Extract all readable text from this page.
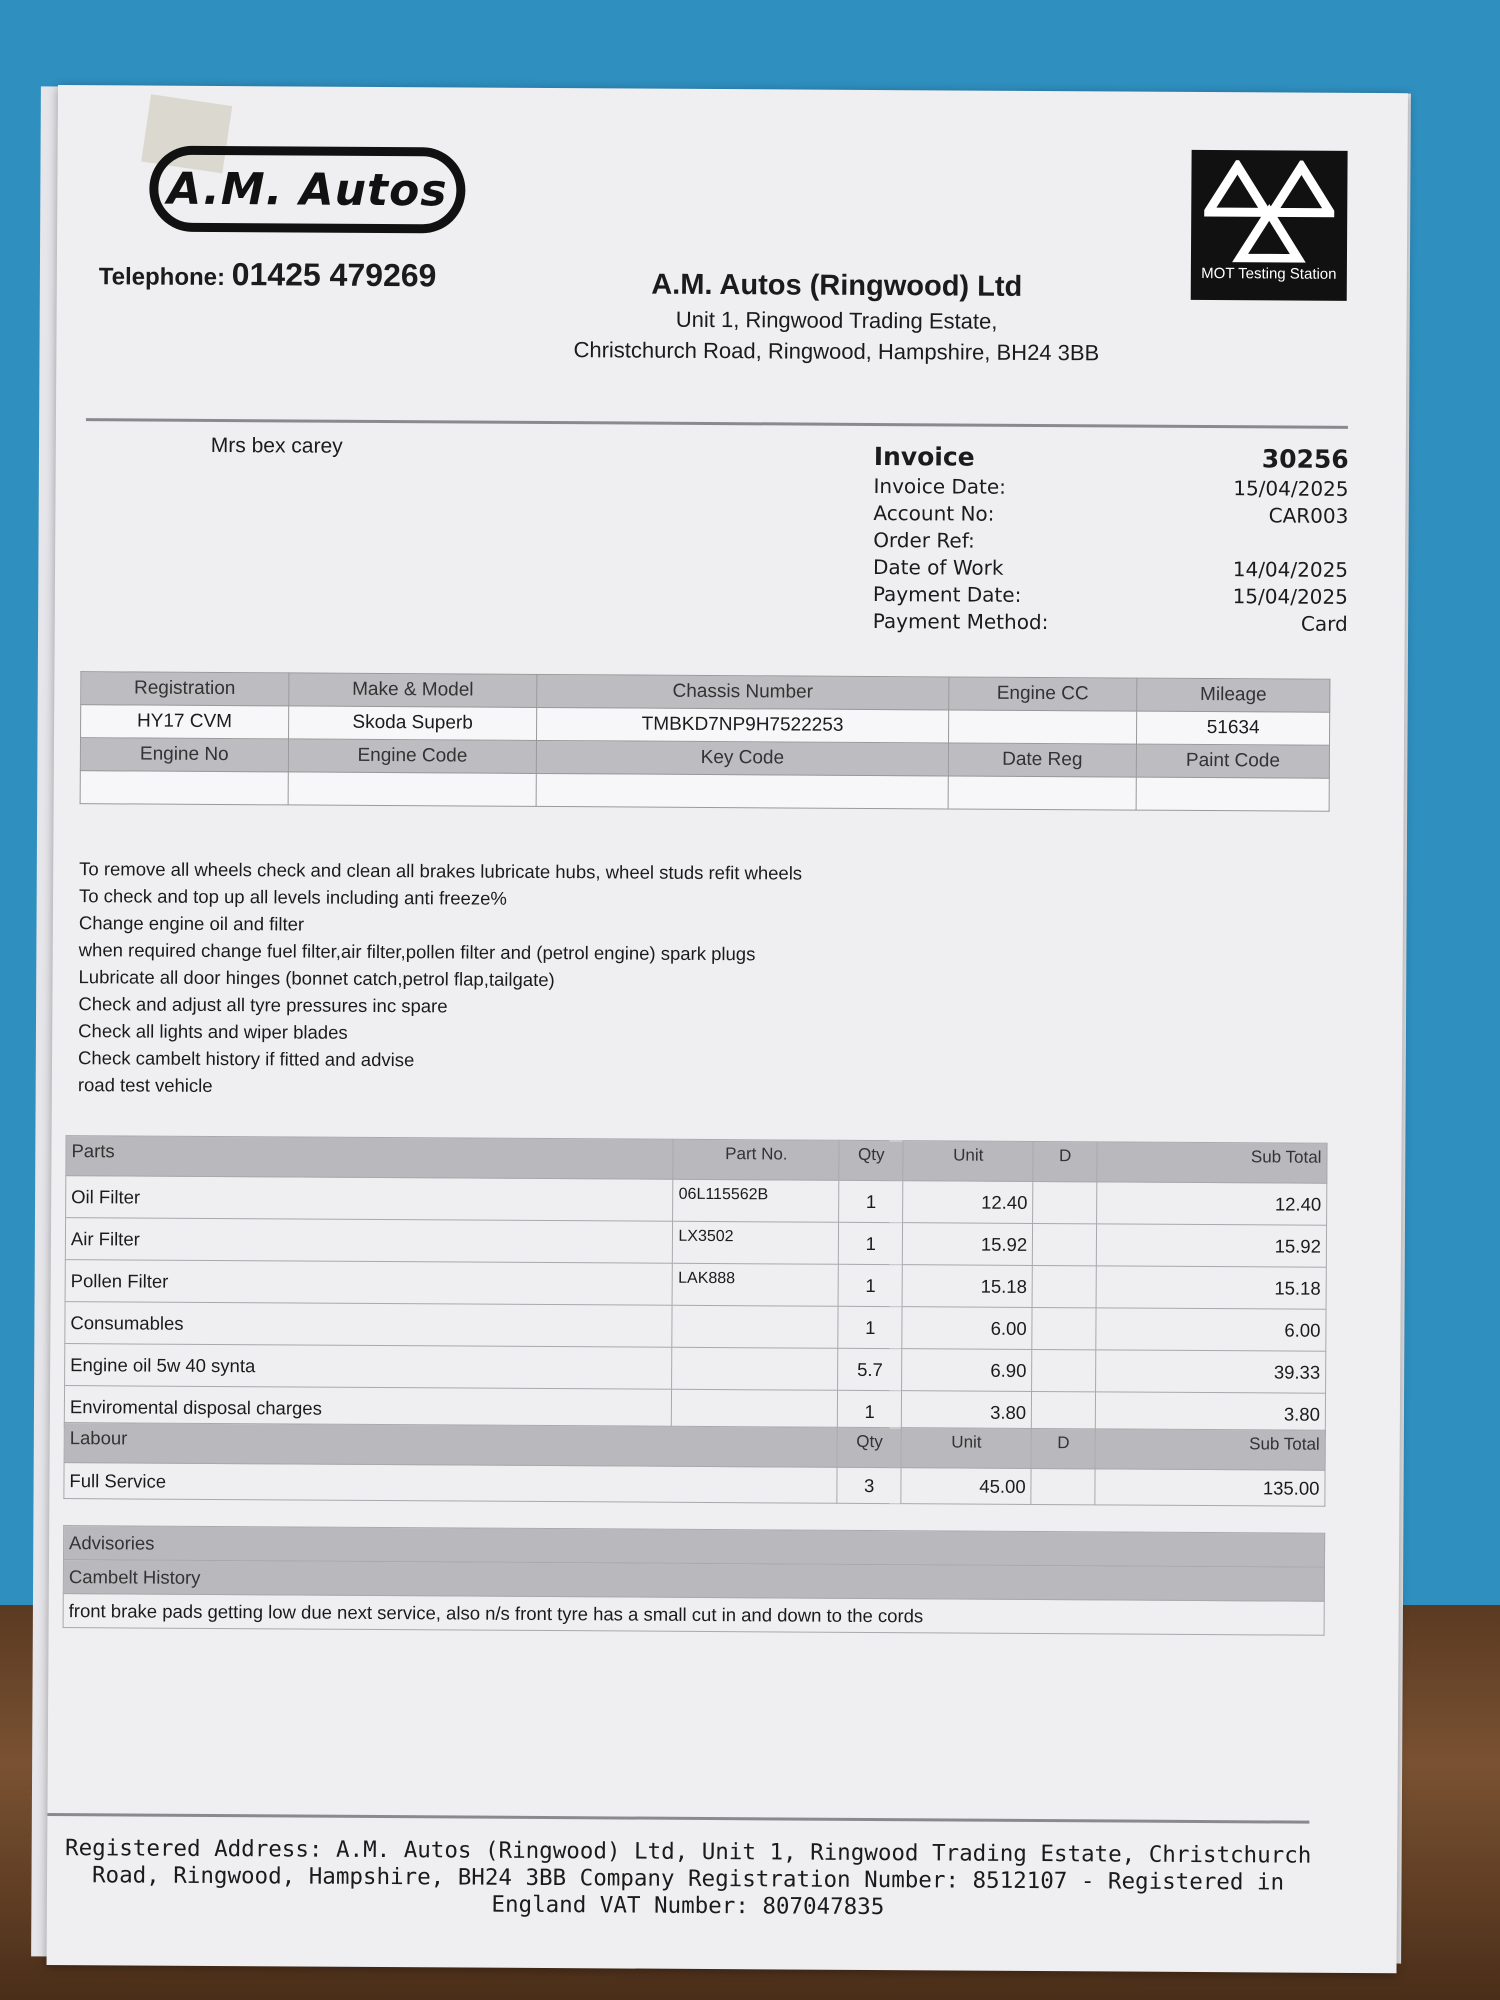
A.M. Autos
Telephone: 01425 479269	A.M. Autos (Ringwood) Ltd
Unit 1, Ringwood Trading Estate,
Christchurch Road, Ringwood, Hampshire, BH24 3BB
MOT Testing Station
Mrs bex carey	Invoice	30256
Invoice Date:	15/04/2025
Account No:	CAR003
Order Ref:
Date of Work	14/04/2025
Payment Date:	15/04/2025
Payment Method:	Card
Registration	Make & Model	Chassis Number	Engine CC	Mileage
HY17 CVM	Skoda Superb	TMBKD7NP9H7522253		51634
Engine No	Engine Code	Key Code	Date Reg	Paint Code

To remove all wheels check and clean all brakes lubricate hubs, wheel studs refit wheels
To check and top up all levels including anti freeze%
Change engine oil and filter
when required change fuel filter,air filter,pollen filter and (petrol engine) spark plugs
Lubricate all door hinges (bonnet catch,petrol flap,tailgate)
Check and adjust all tyre pressures inc spare
Check all lights and wiper blades
Check cambelt history if fitted and advise
road test vehicle
Parts	Part No.	Qty	Unit	D	Sub Total
Oil Filter	06L115562B	1	12.40		12.40
Air Filter	LX3502	1	15.92		15.92
Pollen Filter	LAK888	1	15.18		15.18
Consumables		1	6.00		6.00
Engine oil 5w 40 synta		5.7	6.90		39.33
Enviromental disposal charges		1	3.80		3.80
Labour	Qty	Unit	D	Sub Total
Full Service	3	45.00		135.00
Advisories
Cambelt History
front brake pads getting low due next service, also n/s front tyre has a small cut in and down to the cords
Registered Address: A.M. Autos (Ringwood) Ltd, Unit 1, Ringwood Trading Estate, Christchurch
Road, Ringwood, Hampshire, BH24 3BB Company Registration Number: 8512107 - Registered in
England VAT Number: 807047835
